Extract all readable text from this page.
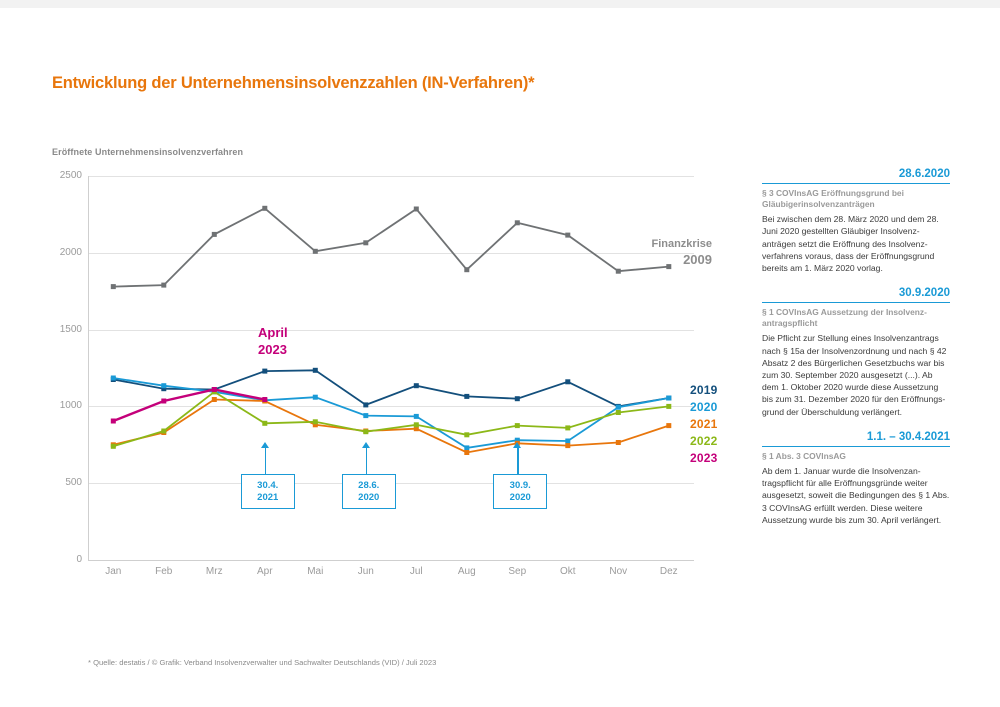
Entwicklung der Unternehmensinsolvenzzahlen (IN-Verfahren)*
Eröffnete Unternehmensinsolvenzverfahren
0
500
1000
1500
2000
2500
Jan	Feb	Mrz	Apr	Mai	Jun	Jul	Aug	Sep	Okt	Nov	Dez
30.4.
2021
28.6.
2020
30.9.
2020
2019
2020
2021
2022
2023
Finanzkrise
2009
April
2023
28.6.2020
§ 3 COVInsAG Eröffnungsgrund bei Gläubigerinsolvenzanträgen
Bei zwischen dem 28. März 2020 und dem 28. Juni 2020 gestellten Gläubiger Insolvenzanträgen setzt die Eröffnung des Insolvenzverfahrens voraus, dass der Eröffnungsgrund bereits am 1. März 2020 vorlag.
30.9.2020
§ 1 COVInsAG Aussetzung der Insolvenzantragspflicht
Die Pflicht zur Stellung eines Insolvenzantrags nach § 15a der Insolvenzordnung und nach § 42 Absatz 2 des Bürgerlichen Gesetzbuchs war bis zum 30. September 2020 ausgesetzt (...). Ab dem 1. Oktober 2020 wurde diese Aussetzung bis zum 31. Dezember 2020 für den Eröffnungsgrund der Überschuldung verlängert.
1.1. – 30.4.2021
§ 1 Abs. 3 COVInsAG
Ab dem 1. Januar wurde die Insolvenzantragspflicht für alle Eröffnungsgründe weiter ausgesetzt, soweit die Bedingungen des § 1 Abs. 3 COVInsAG erfüllt werden. Diese weitere Aussetzung wurde bis zum 30. April verlängert.
* Quelle: destatis / © Grafik: Verband Insolvenzverwalter und Sachwalter Deutschlands (VID) / Juli 2023
